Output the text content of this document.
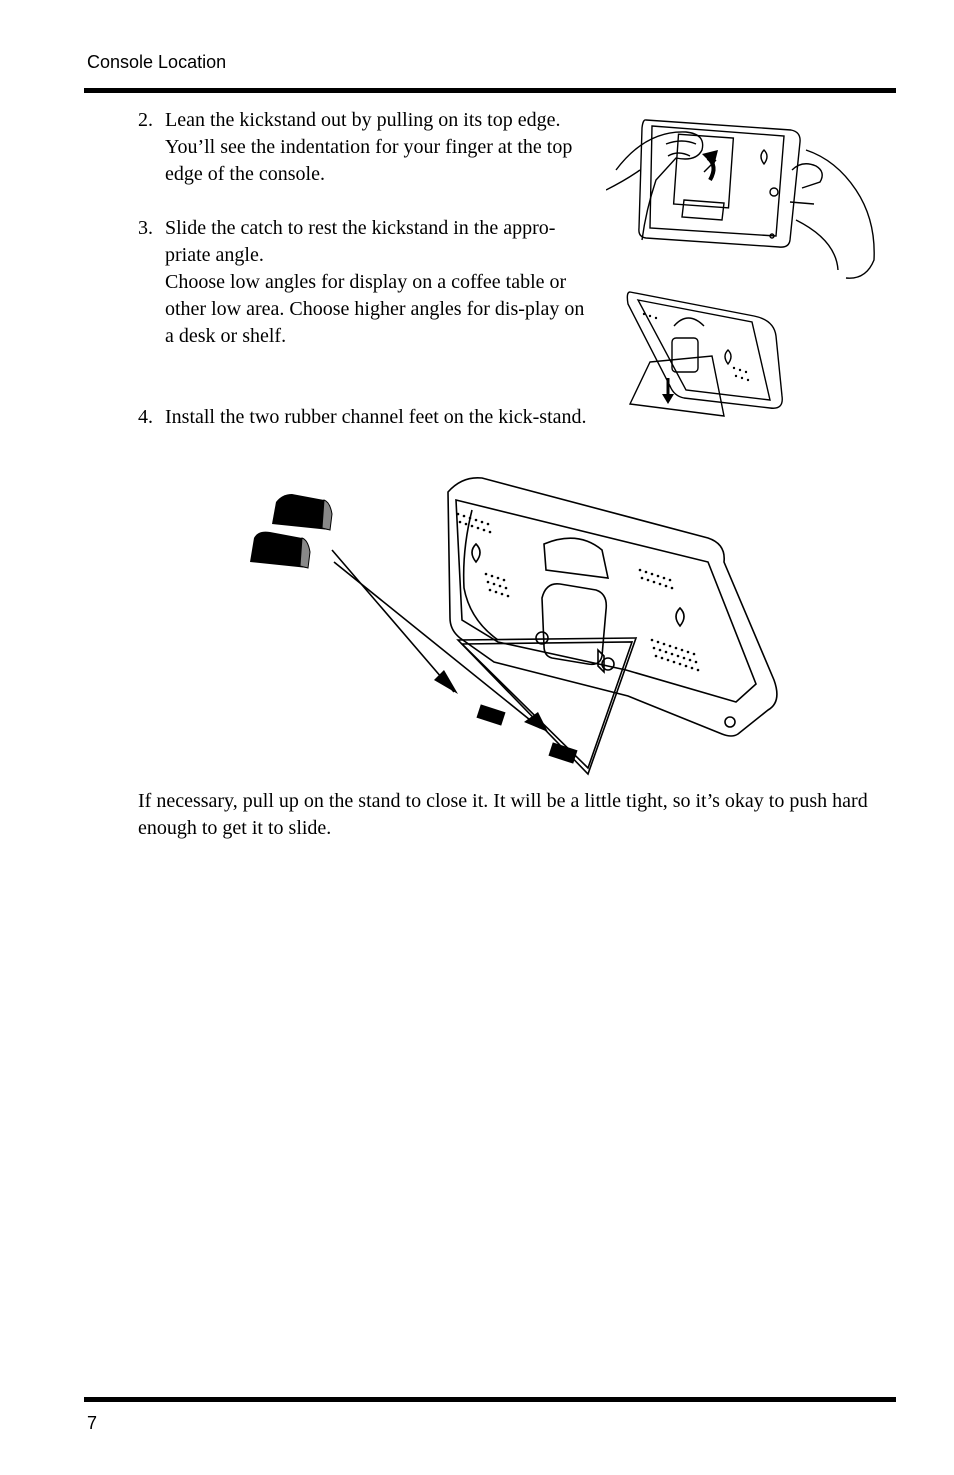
Console Location
2. Lean the kickstand out by pulling on its top edge.

You’ll see the indentation for your finger at the top edge of the console.

3. Slide the catch to rest the kickstand in the appro-priate angle.

Choose low angles for display on a coffee table or other low area. Choose higher angles for dis-play on a desk or shelf.

4. Install the two rubber channel feet on the kick-stand.

If necessary, pull up on the stand to close it. It will be a little tight, so it’s okay to push hard enough to get it to slide.

7
